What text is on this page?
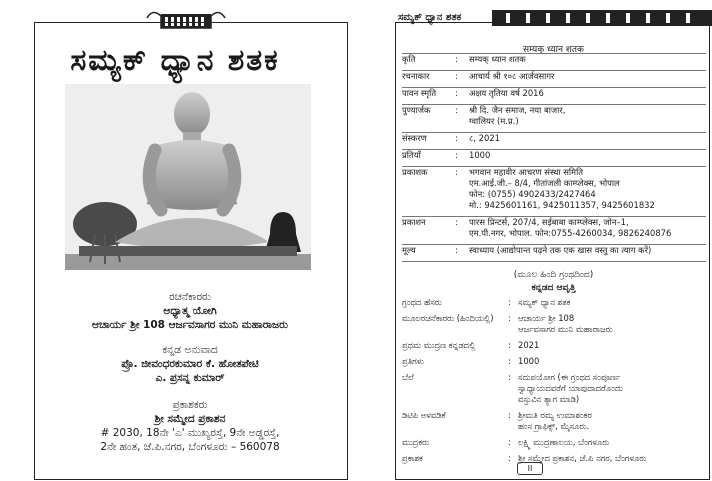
ಸಮ್ಯಕ್ ಧ್ಯಾನ ಶತಕ
ರಚನೆಕಾರರು
ಆಧ್ಯಾತ್ಮ ಯೋಗಿ
ಆಚಾರ್ಯ ಶ್ರೀ 108 ಆರ್ಜವಸಾಗರ ಮುನಿ ಮಹಾರಾಜರು
ಕನ್ನಡ ಅನುವಾದ
ಪ್ರೊ. ಜೀವಂಧರಕುಮಾರ ಕೆ. ಹೋತಪೇಟಿ
ಎ. ಪ್ರಸನ್ನ ಕುಮಾರ್
ಪ್ರಕಾಶಕರು
ಶ್ರೀ ಸಮ್ಮೇದ ಪ್ರಕಾಶನ
# 2030, 18ನೇ 'ಎ' ಮುಖ್ಯರಸ್ತೆ, 9ನೇ ಅಡ್ಡರಸ್ತೆ,
2ನೇ ಹಂತ, ಜೆ.ಪಿ.ನಗರ, ಬೆಂಗಳೂರು – 560078
ಸಮ್ಯಕ್ ಧ್ಯಾನ ಶತಕ
सम्यक् ध्यान शतक
कृति	:	सम्यक् ध्यान शतक
रचनाकार	:	आचार्य श्री १०८ आर्जवसागर
पावन स्मृति	:	अक्षय तृतिया वर्ष 2016
पुण्यार्जक	:	श्री दि. जैन समाज, नया बाजार,
ग्वालियर (म.प्र.)
संस्करण	:	८, 2021
प्रतियाँ	:	1000
प्रकाशक	:	भगवान महावीर आचरण संस्था समिति
एम.आई.जी.– 8/4, गीतांजली काम्प्लेक्स, भोपाल
फोन: (0755) 4902433/2427464
मो.: 9425601161, 9425011357, 9425601832
प्रकाशन	:	पारस प्रिन्टर्स, 207/4, सईबाबा काम्प्लेक्स, जोन–1,
एम.पी.नगर, भोपाल. फोन:0755-4260034, 9826240876
मूल्य	:	स्वाध्याय (आद्योपान्त पढ़ने तक एक खास वस्तु का त्याग करें)
(ಮೂಲ ಹಿಂದಿ ಗ್ರಂಥದಿಂದ)
ಕನ್ನಡದ ಆವೃತ್ತಿ
ಗ್ರಂಥದ ಹೆಸರು	: ಸಮ್ಯಕ್ ಧ್ಯಾನ ಶತಕ
ಮೂಲರಚನೆಕಾರರು (ಹಿಂದಿಯಲ್ಲಿ)	: ಆಚಾರ್ಯ ಶ್ರೀ 108
ಆರ್ಜವಸಾಗರ ಮುನಿ ಮಹಾರಾಜರು
ಪ್ರಥಮ ಮುದ್ರಣ ಕನ್ನಡದಲ್ಲಿ	: 2021
ಪ್ರತಿಗಳು	: 1000
ಬೆಲೆ	: ಸದುಪಯೋಗ (ಈ ಗ್ರಂಥದ ಸಂಪೂರ್ಣ
ಸ್ವಾಧ್ಯಾಯದವರೆಗೆ ಯಾವುದಾದರೊಂದು
ವಸ್ತುವಿನ ತ್ಯಾಗ ಮಾಡಿ)
ಡಿಟಿಪಿ ಅಳವಡಿಕೆ	: ಶ್ರೀಮತಿ ರಮ್ಯ ಉಮಾಶಂಕರ
ಹಂಸ ಗ್ರಾಫಿಕ್ಸ್, ಮೈಸೂರು.
ಮುದ್ರಕರು	: ಲಕ್ಷ್ಮಿ ಮುದ್ರಣಾಲಯ, ಬೆಂಗಳೂರು
ಪ್ರಕಾಶಕ	: ಶ್ರೀ ಸಮ್ಮೇದ ಪ್ರಕಾಶನ, ಜೆ.ಪಿ ನಗರ, ಬೆಂಗಳೂರು
II
